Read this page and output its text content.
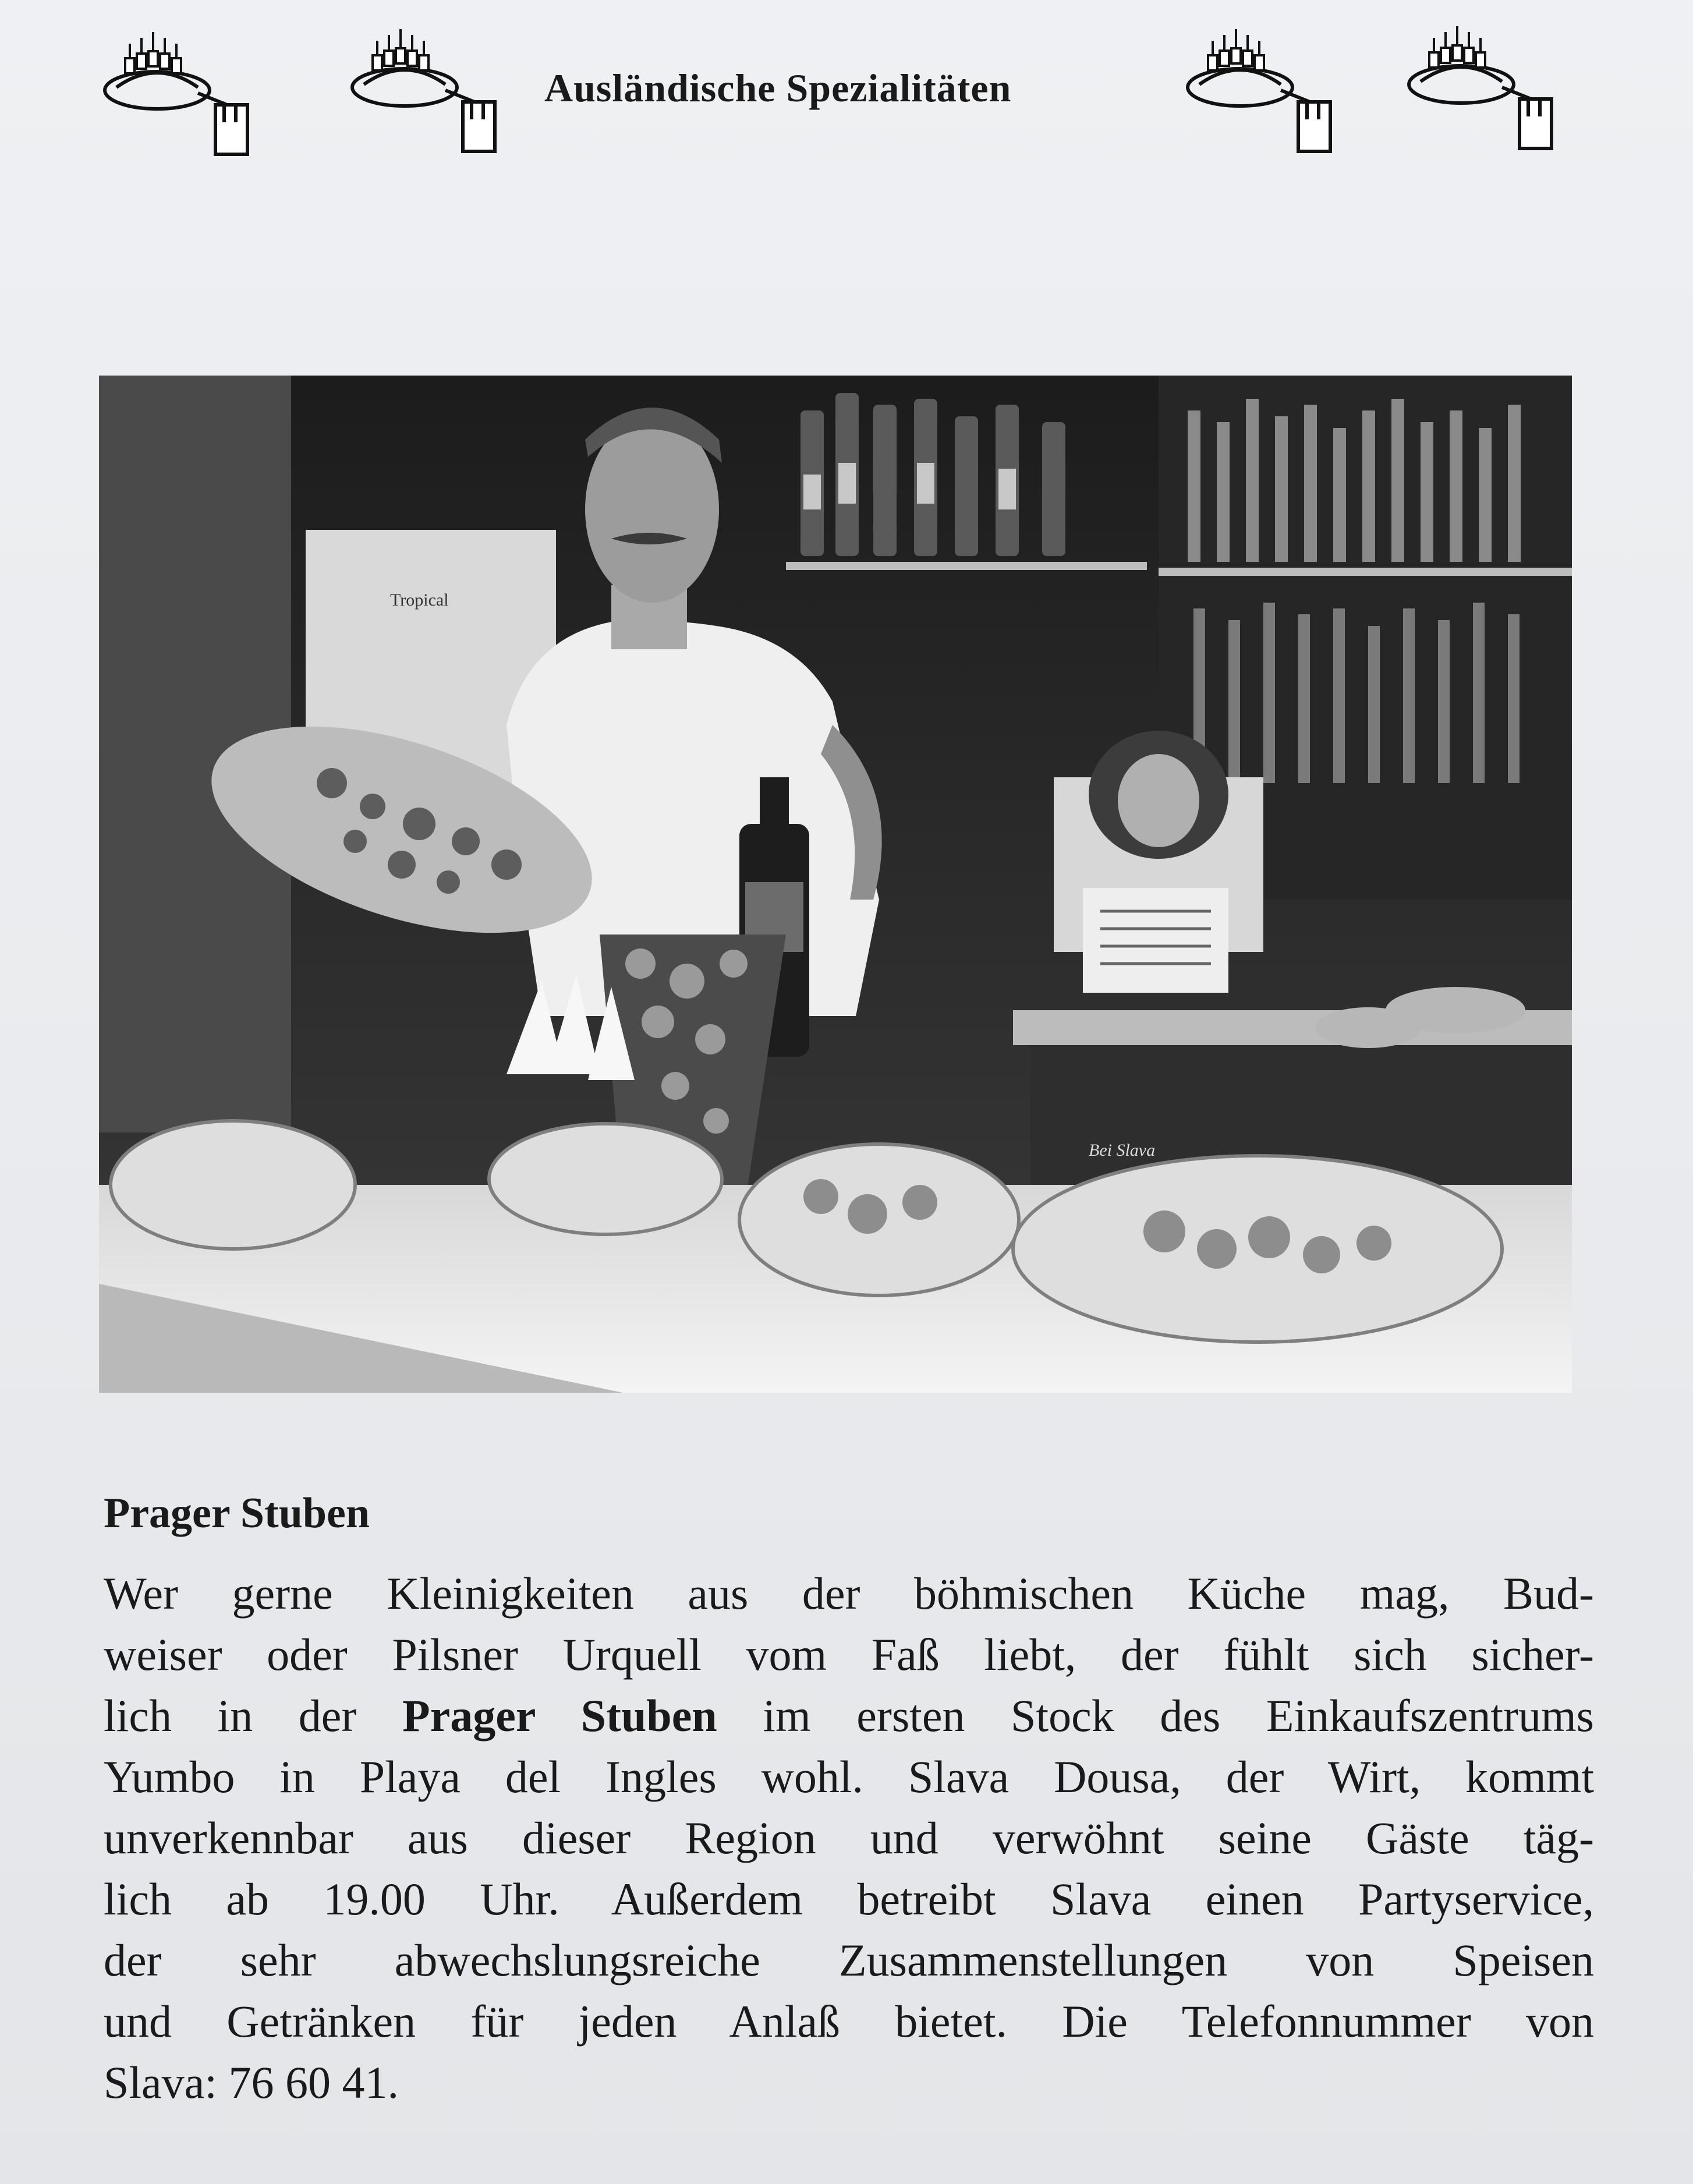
Ausländische Spezialitäten
Tropical
Bei Slava
Prager Stuben
Wer gerne Kleinigkeiten aus der böhmischen Küche mag, Bud-
weiser oder Pilsner Urquell vom Faß liebt, der fühlt sich sicher-
lich in der Prager Stuben im ersten Stock des Einkaufszentrums
Yumbo in Playa del Ingles wohl. Slava Dousa, der Wirt, kommt
unverkennbar aus dieser Region und verwöhnt seine Gäste täg-
lich ab 19.00 Uhr. Außerdem betreibt Slava einen Partyservice,
der sehr abwechslungsreiche Zusammenstellungen von Speisen
und Getränken für jeden Anlaß bietet. Die Telefonnummer von
Slava: 76 60 41.
